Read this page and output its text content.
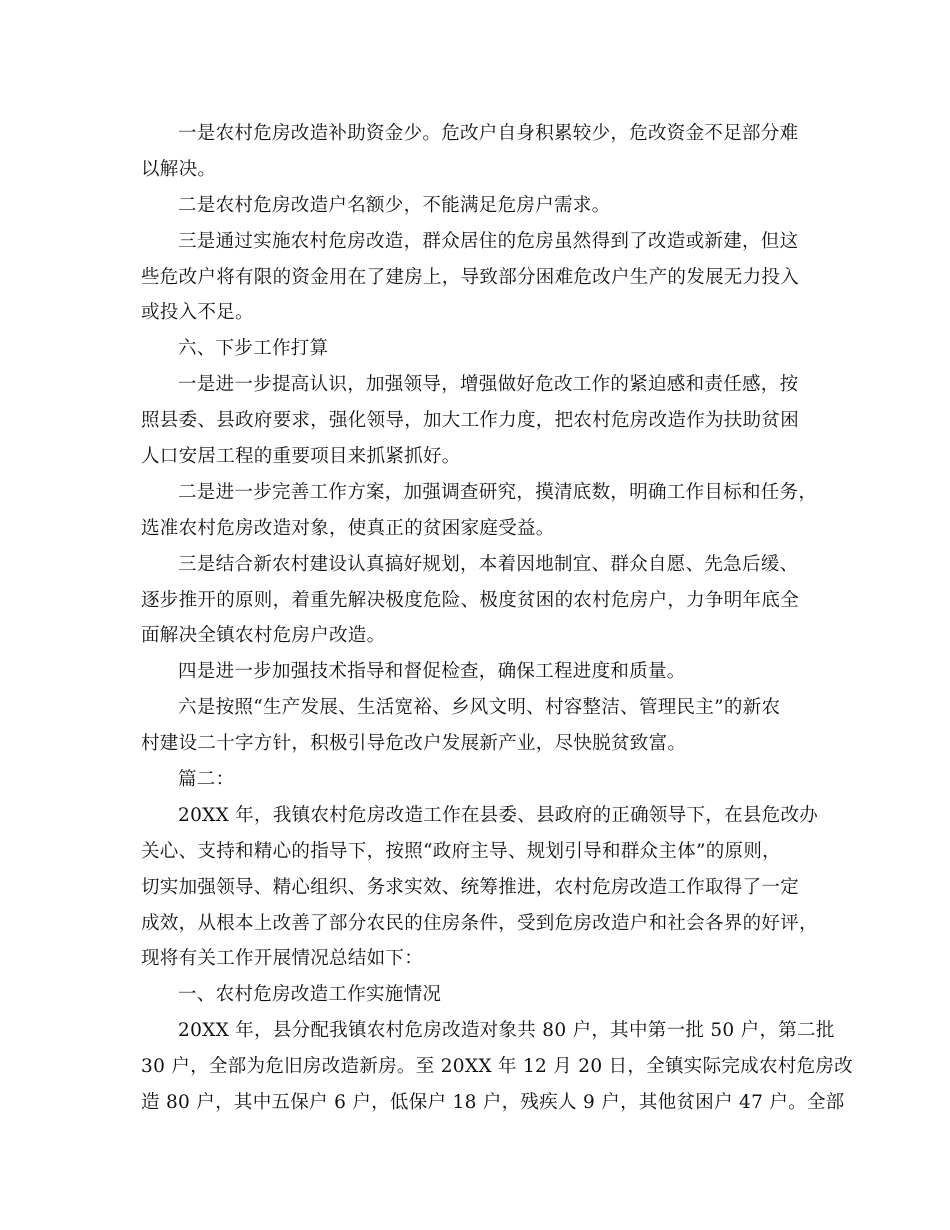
一是农村危房改造补助资金少。危改户自身积累较少，危改资金不足部分难
以解决。
二是农村危房改造户名额少，不能满足危房户需求。
三是通过实施农村危房改造，群众居住的危房虽然得到了改造或新建，但这
些危改户将有限的资金用在了建房上，导致部分困难危改户生产的发展无力投入
或投入不足。
六、下步工作打算
一是进一步提高认识，加强领导，增强做好危改工作的紧迫感和责任感，按
照县委、县政府要求，强化领导，加大工作力度，把农村危房改造作为扶助贫困
人口安居工程的重要项目来抓紧抓好。
二是进一步完善工作方案，加强调查研究，摸清底数，明确工作目标和任务，
选准农村危房改造对象，使真正的贫困家庭受益。
三是结合新农村建设认真搞好规划，本着因地制宜、群众自愿、先急后缓、
逐步推开的原则，着重先解决极度危险、极度贫困的农村危房户，力争明年底全
面解决全镇农村危房户改造。
四是进一步加强技术指导和督促检查，确保工程进度和质量。
六是按照“生产发展、生活宽裕、乡风文明、村容整洁、管理民主”的新农
村建设二十字方针，积极引导危改户发展新产业，尽快脱贫致富。
篇二：
20XX 年，我镇农村危房改造工作在县委、县政府的正确领导下，在县危改办
关心、支持和精心的指导下，按照“政府主导、规划引导和群众主体”的原则，
切实加强领导、精心组织、务求实效、统筹推进，农村危房改造工作取得了一定
成效，从根本上改善了部分农民的住房条件，受到危房改造户和社会各界的好评，
现将有关工作开展情况总结如下：
一、农村危房改造工作实施情况
20XX 年，县分配我镇农村危房改造对象共 80 户，其中第一批 50 户，第二批
30 户，全部为危旧房改造新房。至 20XX 年 12 月 20 日，全镇实际完成农村危房改
造 80 户，其中五保户 6 户，低保户 18 户，残疾人 9 户，其他贫困户 47 户。全部
